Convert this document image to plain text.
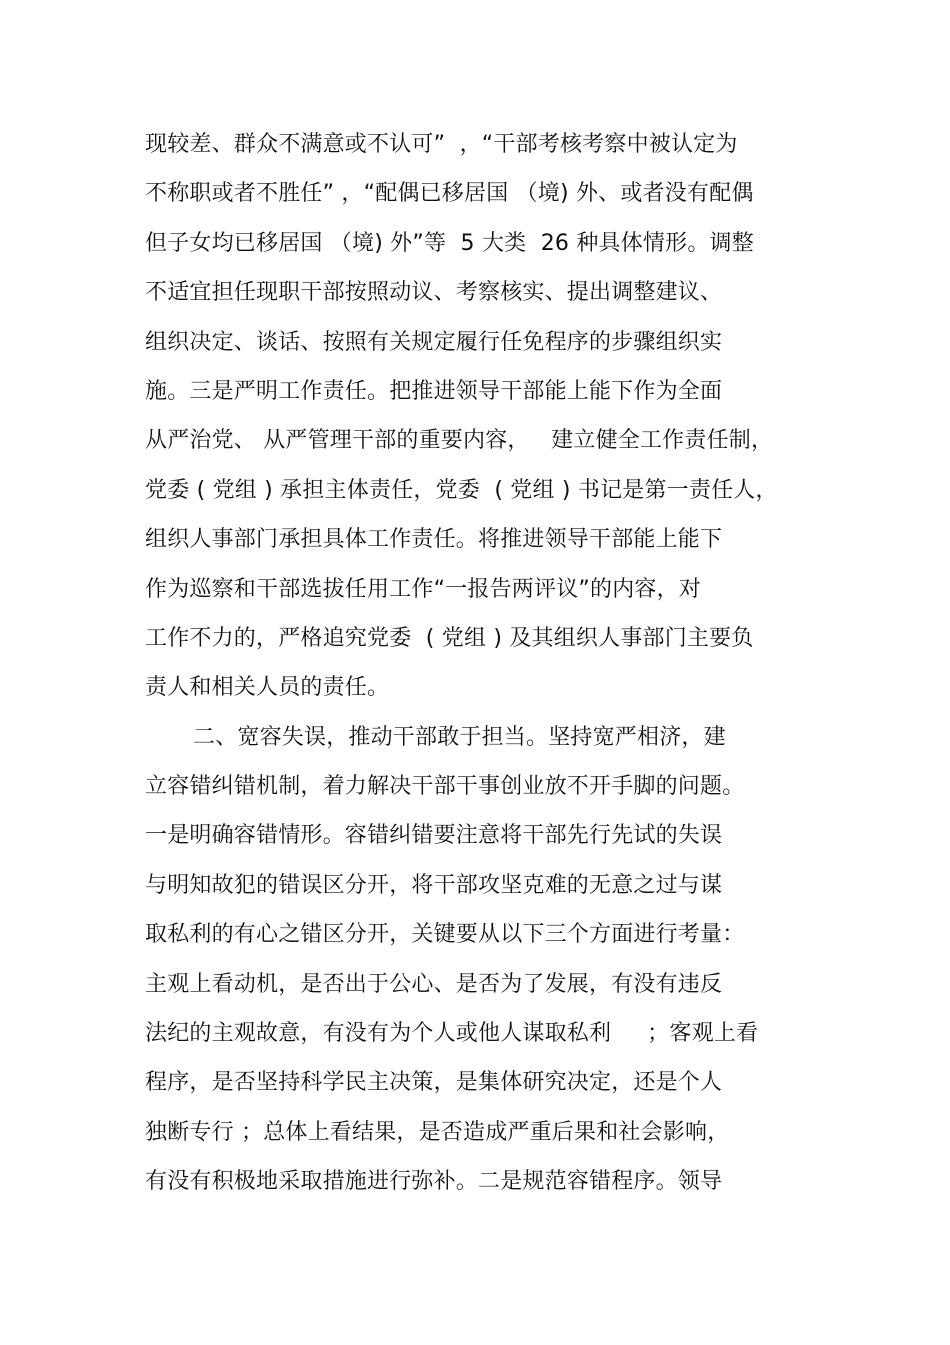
现较差、群众不满意或不认可”  ，“干部考核考察中被认定为
不称职或者不胜任” ，“配偶已移居国 （境) 外、或者没有配偶
但子女均已移居国 （境) 外”等  5 大类  26 种具体情形。调整
不适宜担任现职干部按照动议、考察核实、提出调整建议、
组织决定、谈话、按照有关规定履行任免程序的步骤组织实
施。三是严明工作责任。把推进领导干部能上能下作为全面
从严治党、 从严管理干部的重要内容，   建立健全工作责任制，
党委 ( 党组 ) 承担主体责任，党委  ( 党组 ) 书记是第一责任人，
组织人事部门承担具体工作责任。将推进领导干部能上能下
作为巡察和干部选拔任用工作“一报告两评议”的内容，对
工作不力的，严格追究党委  ( 党组 ) 及其组织人事部门主要负
责人和相关人员的责任。
二、宽容失误，推动干部敢于担当。坚持宽严相济，建
立容错纠错机制，着力解决干部干事创业放不开手脚的问题。
一是明确容错情形。容错纠错要注意将干部先行先试的失误
与明知故犯的错误区分开，将干部攻坚克难的无意之过与谋
取私利的有心之错区分开，关键要从以下三个方面进行考量：
主观上看动机，是否出于公心、是否为了发展，有没有违反
法纪的主观故意，有没有为个人或他人谋取私利     ；客观上看
程序，是否坚持科学民主决策，是集体研究决定，还是个人
独断专行 ；总体上看结果，是否造成严重后果和社会影响，
有没有积极地采取措施进行弥补。二是规范容错程序。领导
